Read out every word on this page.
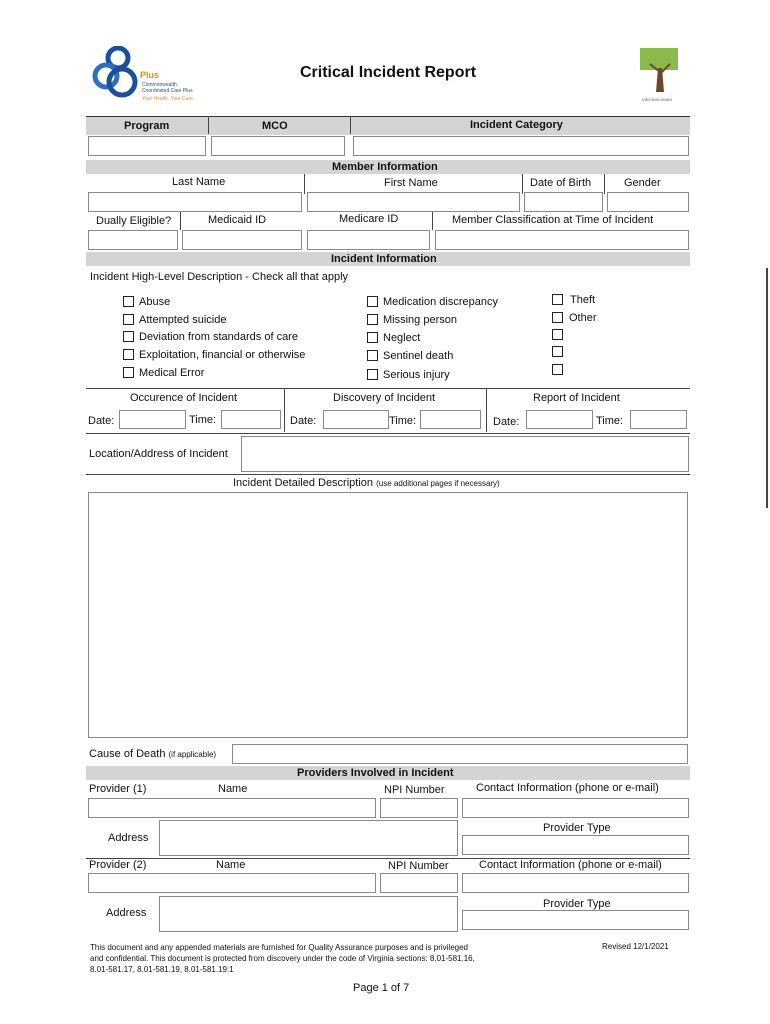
Plus
Commonwealth
Coordinated Care Plus
Your Health. Your Care.
Critical Incident Report
VIRGINIA DMAS
Program	MCO	Incident Category
Member Information
Last Name	First Name	Date of Birth	Gender
Dually Eligible?	Medicaid ID	Medicare ID	Member Classification at Time of Incident
Incident Information
Incident High-Level Description - Check all that apply
Abuse
Attempted suicide
Deviation from standards of care
Exploitation, financial or otherwise
Medical Error
Medication discrepancy
Missing person
Neglect
Sentinel death
Serious injury
Theft
Other
Occurence of Incident	Discovery of Incident	Report of Incident
Date:	Time:	Date:	Time:	Date:	Time:
Location/Address of Incident
Incident Detailed Description (use additional pages if necessary)
Cause of Death (if applicable)
Providers Involved in Incident
Provider (1)	Name	NPI Number	Contact Information (phone or e-mail)
Address
Provider Type
Provider (2)	Name	NPI Number	Contact Information (phone or e-mail)
Address
Provider Type
This document and any appended materials are furnished for Quality Assurance purposes and is privileged
and confidential. This document is protected from discovery under the code of Virginia sections: 8.01-581.16,
8.01-581.17, 8.01-581.19, 8.01-581.19:1
Revised 12/1/2021
Page 1 of 7
